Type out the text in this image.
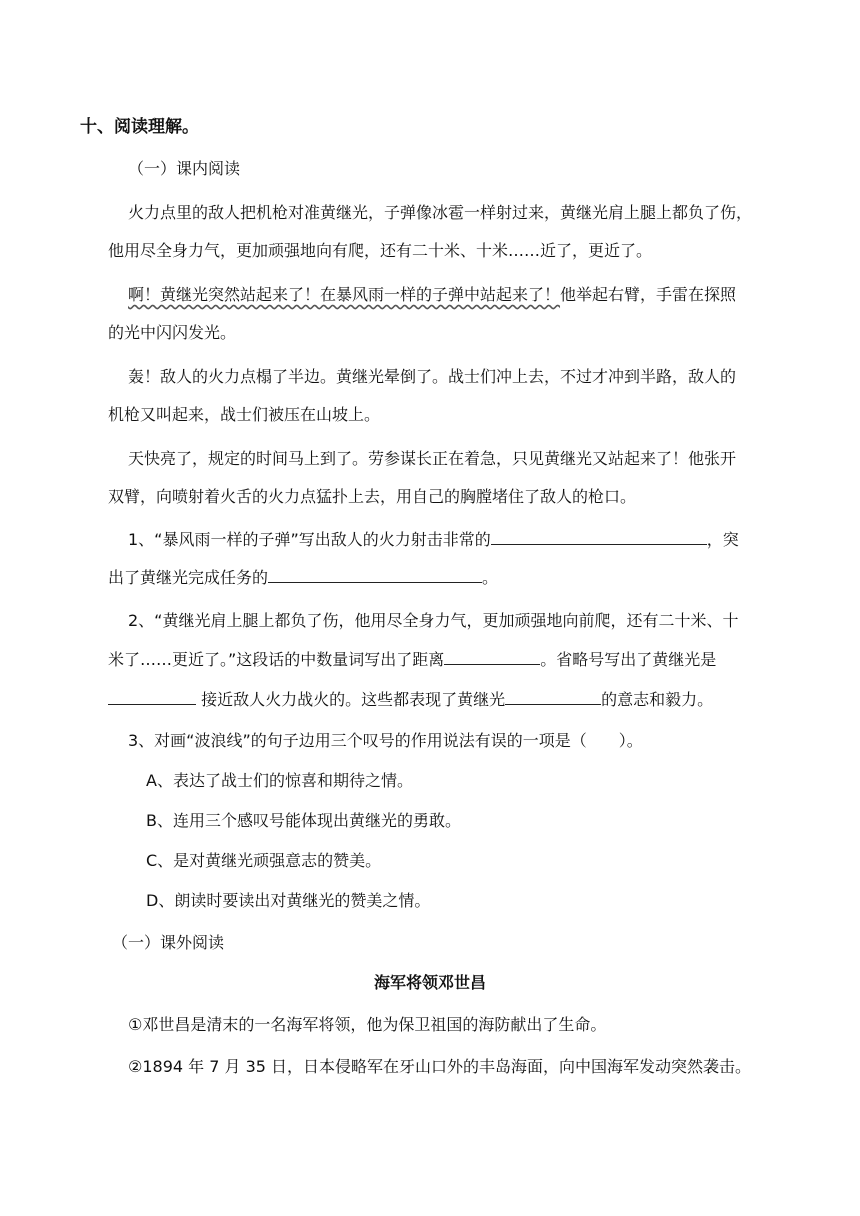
十、阅读理解。
（一）课内阅读
火力点里的敌人把机枪对准黄继光，子弹像冰雹一样射过来，黄继光肩上腿上都负了伤，
他用尽全身力气，更加顽强地向有爬，还有二十米、十米……近了，更近了。
啊！黄继光突然站起来了！在暴风雨一样的子弹中站起来了！他举起右臂，手雷在探照
的光中闪闪发光。
轰！敌人的火力点榻了半边。黄继光晕倒了。战士们冲上去，不过才冲到半路，敌人的
机枪又叫起来，战士们被压在山坡上。
天快亮了，规定的时间马上到了。劳参谋长正在着急，只见黄继光又站起来了！他张开
双臂，向喷射着火舌的火力点猛扑上去，用自己的胸膛堵住了敌人的枪口。
1、“暴风雨一样的子弹”写出敌人的火力射击非常的	，突
出了黄继光完成任务的	。
2、“黄继光肩上腿上都负了伤，他用尽全身力气，更加顽强地向前爬，还有二十米、十
米了……更近了。”这段话的中数量词写出了距离	。省略号写出了黄继光是
接近敌人火力战火的。这些都表现了黄继光	的意志和毅力。
3、对画“波浪线”的句子边用三个叹号的作用说法有误的一项是（　　）。
A、表达了战士们的惊喜和期待之情。
B、连用三个感叹号能体现出黄继光的勇敢。
C、是对黄继光顽强意志的赞美。
D、朗读时要读出对黄继光的赞美之情。
（一）课外阅读
海军将领邓世昌
①邓世昌是清末的一名海军将领，他为保卫祖国的海防献出了生命。
②1894 年 7 月 35 日，日本侵略军在牙山口外的丰岛海面，向中国海军发动突然袭击。
